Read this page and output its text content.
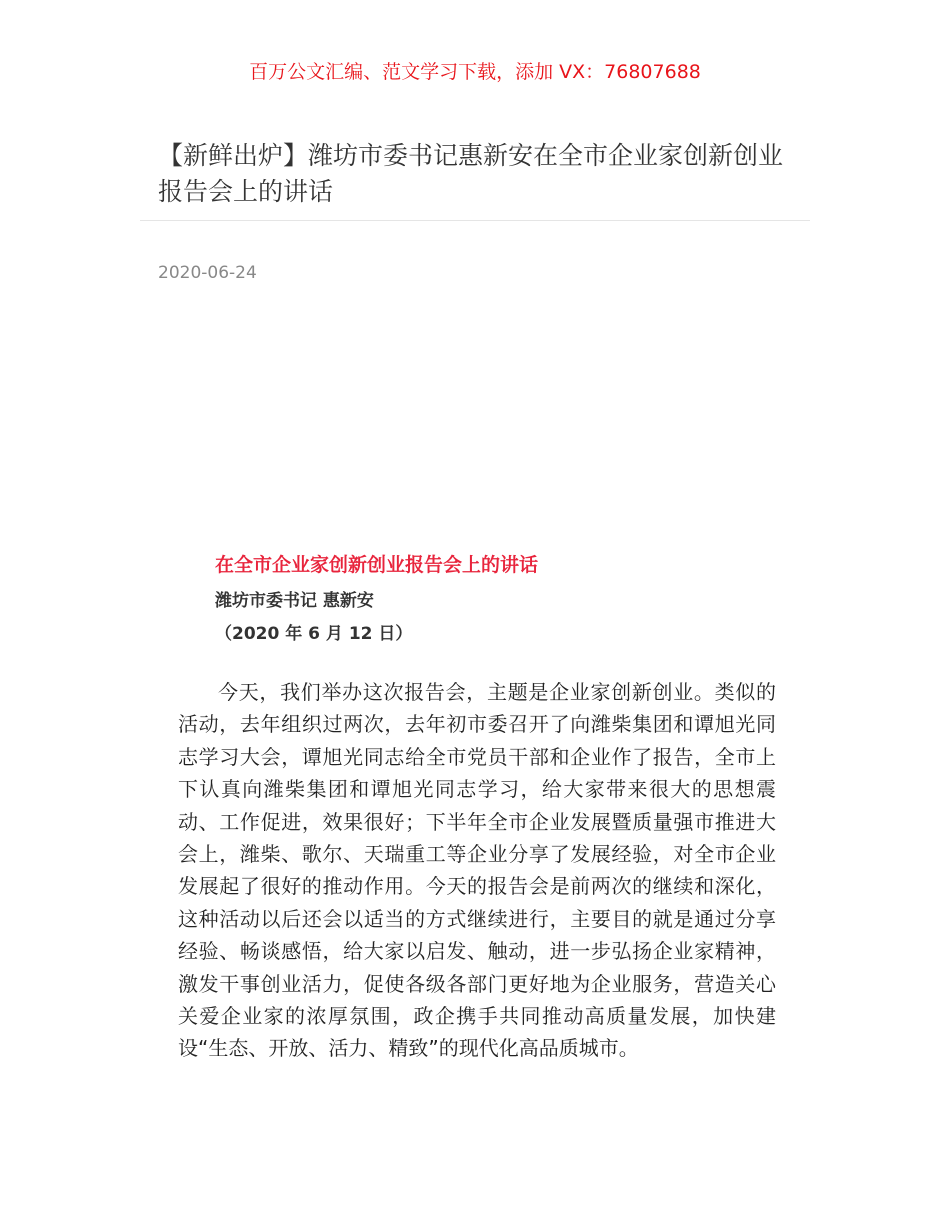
百万公文汇编、范文学习下载，添加 VX：76807688
【新鲜出炉】潍坊市委书记惠新安在全市企业家创新创业报告会上的讲话
2020-06-24
在全市企业家创新创业报告会上的讲话
潍坊市委书记 惠新安
（2020 年 6 月 12 日）
今天，我们举办这次报告会，主题是企业家创新创业。类似的活动，去年组织过两次，去年初市委召开了向潍柴集团和谭旭光同志学习大会，谭旭光同志给全市党员干部和企业作了报告，全市上下认真向潍柴集团和谭旭光同志学习，给大家带来很大的思想震动、工作促进，效果很好；下半年全市企业发展暨质量强市推进大会上，潍柴、歌尔、天瑞重工等企业分享了发展经验，对全市企业发展起了很好的推动作用。今天的报告会是前两次的继续和深化，这种活动以后还会以适当的方式继续进行，主要目的就是通过分享经验、畅谈感悟，给大家以启发、触动，进一步弘扬企业家精神，激发干事创业活力，促使各级各部门更好地为企业服务，营造关心关爱企业家的浓厚氛围，政企携手共同推动高质量发展，加快建设“生态、开放、活力、精致”的现代化高品质城市。
